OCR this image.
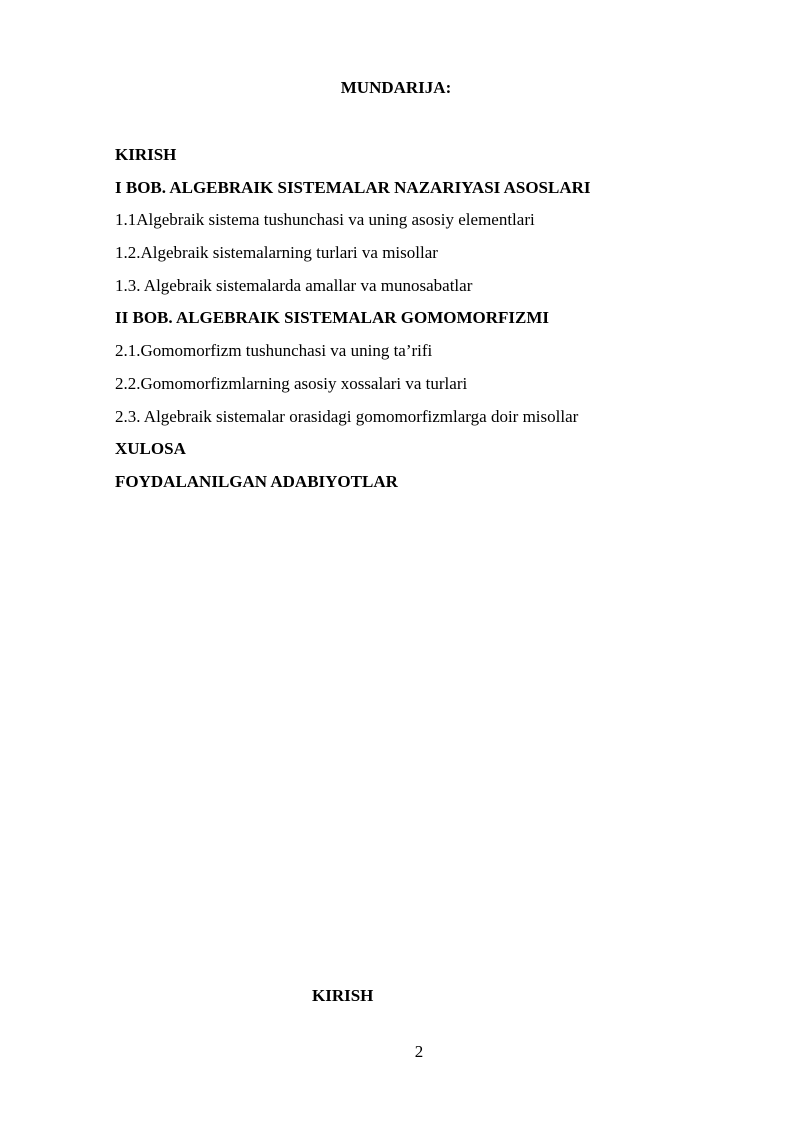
MUNDARIJA:
KIRISH
I BOB. ALGEBRAIK SISTEMALAR NAZARIYASI ASOSLARI
1.1Algebraik sistema tushunchasi va uning asosiy elementlari
1.2.Algebraik sistemalarning turlari va misollar
1.3. Algebraik sistemalarda amallar va munosabatlar
II BOB. ALGEBRAIK SISTEMALAR GOMOMORFIZMI
2.1.Gomomorfizm tushunchasi va uning ta’rifi
2.2.Gomomorfizmlarning asosiy xossalari va turlari
2.3. Algebraik sistemalar orasidagi gomomorfizmlarga doir misollar
XULOSA
FOYDALANILGAN ADABIYOTLAR
KIRISH
2
